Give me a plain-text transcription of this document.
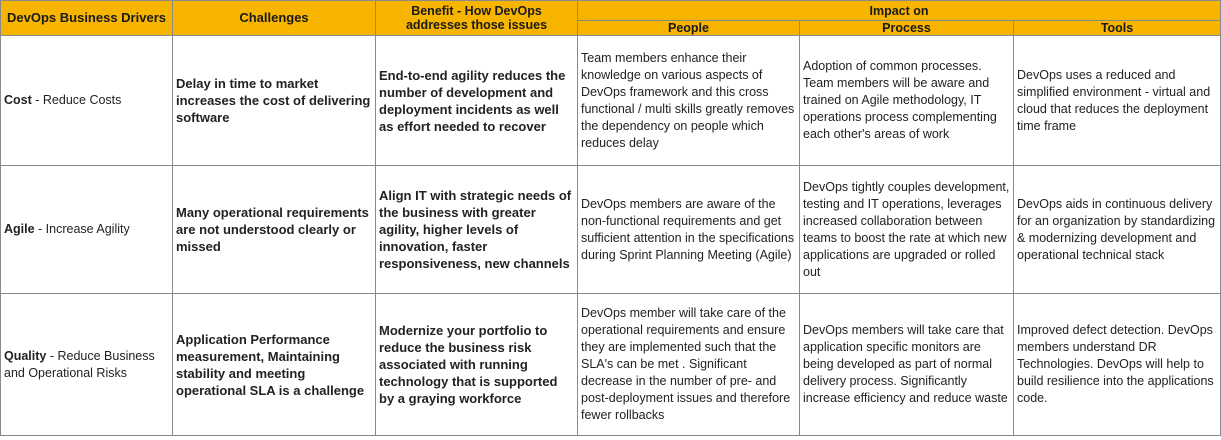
DevOps Business Drivers	Challenges	Benefit - How DevOps addresses those issues	Impact on		
			People	Process	Tools
Cost - Reduce Costs	Delay in time to market increases the cost of delivering software	End-to-end agility reduces the number of development and deployment incidents as well as effort needed to recover	Team members enhance their knowledge on various aspects of DevOps framework and this cross functional / multi skills greatly removes the dependency on people which reduces delay	Adoption of common processes. Team members will be aware and trained on Agile methodology, IT operations process complementing each other's areas of work	DevOps uses a reduced and simplified environment - virtual and cloud that reduces the deployment time frame
Agile - Increase Agility	Many operational requirements are not understood clearly or missed	Align IT with strategic needs of the business with greater agility, higher levels of innovation, faster responsiveness, new channels	DevOps members are aware of the non-functional requirements and get sufficient attention in the specifications during Sprint Planning Meeting (Agile)	DevOps tightly couples development, testing and IT operations, leverages increased collaboration between teams to boost the rate at which new applications are upgraded or rolled out	DevOps aids in continuous delivery for an organization by standardizing & modernizing development and operational technical stack
Quality - Reduce Business and Operational Risks	Application Performance measurement, Maintaining stability and meeting operational SLA is a challenge	Modernize your portfolio to reduce the business risk associated with running technology that is supported by a graying workforce	DevOps member will take care of the operational requirements and ensure they are implemented such that the SLA's can be met . Significant decrease in the number of pre- and post-deployment issues and therefore fewer rollbacks	DevOps members will take care that application specific monitors are being developed as part of normal delivery process. Significantly increase efficiency and reduce waste	Improved defect detection. DevOps members understand DR Technologies. DevOps will help to build resilience into the applications code.
